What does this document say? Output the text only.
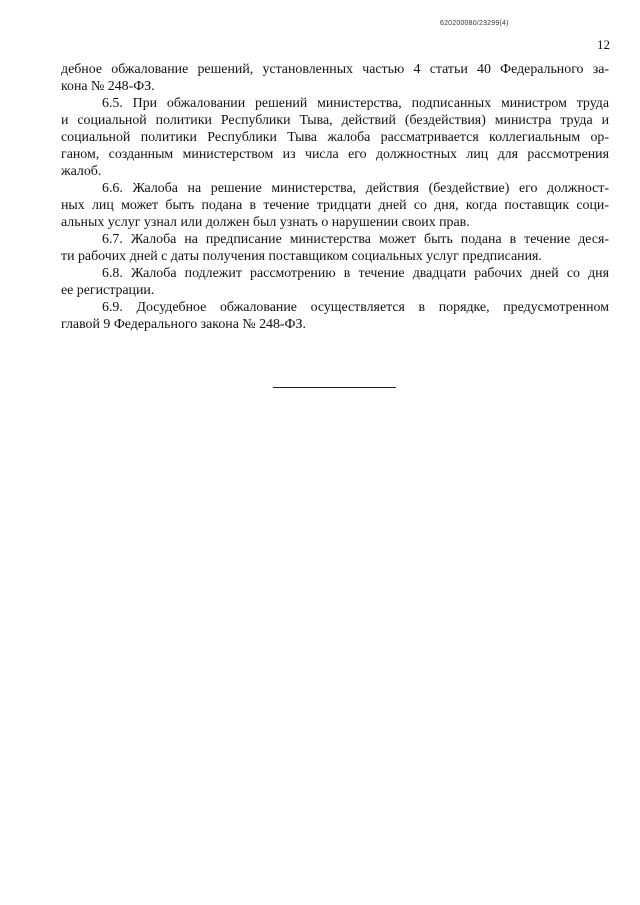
620200080/23299(4)
12
дебное обжалование решений, установленных частью 4 статьи 40 Федерального за-
кона № 248-ФЗ.
6.5. При обжаловании решений министерства, подписанных министром труда
и социальной политики Республики Тыва, действий (бездействия) министра труда и
социальной политики Республики Тыва жалоба рассматривается коллегиальным ор-
ганом, созданным министерством из числа его должностных лиц для рассмотрения
жалоб.
6.6. Жалоба на решение министерства, действия (бездействие) его должност-
ных лиц может быть подана в течение тридцати дней со дня, когда поставщик соци-
альных услуг узнал или должен был узнать о нарушении своих прав.
6.7. Жалоба на предписание министерства может быть подана в течение деся-
ти рабочих дней с даты получения поставщиком социальных услуг предписания.
6.8. Жалоба подлежит рассмотрению в течение двадцати рабочих дней со дня
ее регистрации.
6.9. Досудебное обжалование осуществляется в порядке, предусмотренном
главой 9 Федерального закона № 248-ФЗ.
